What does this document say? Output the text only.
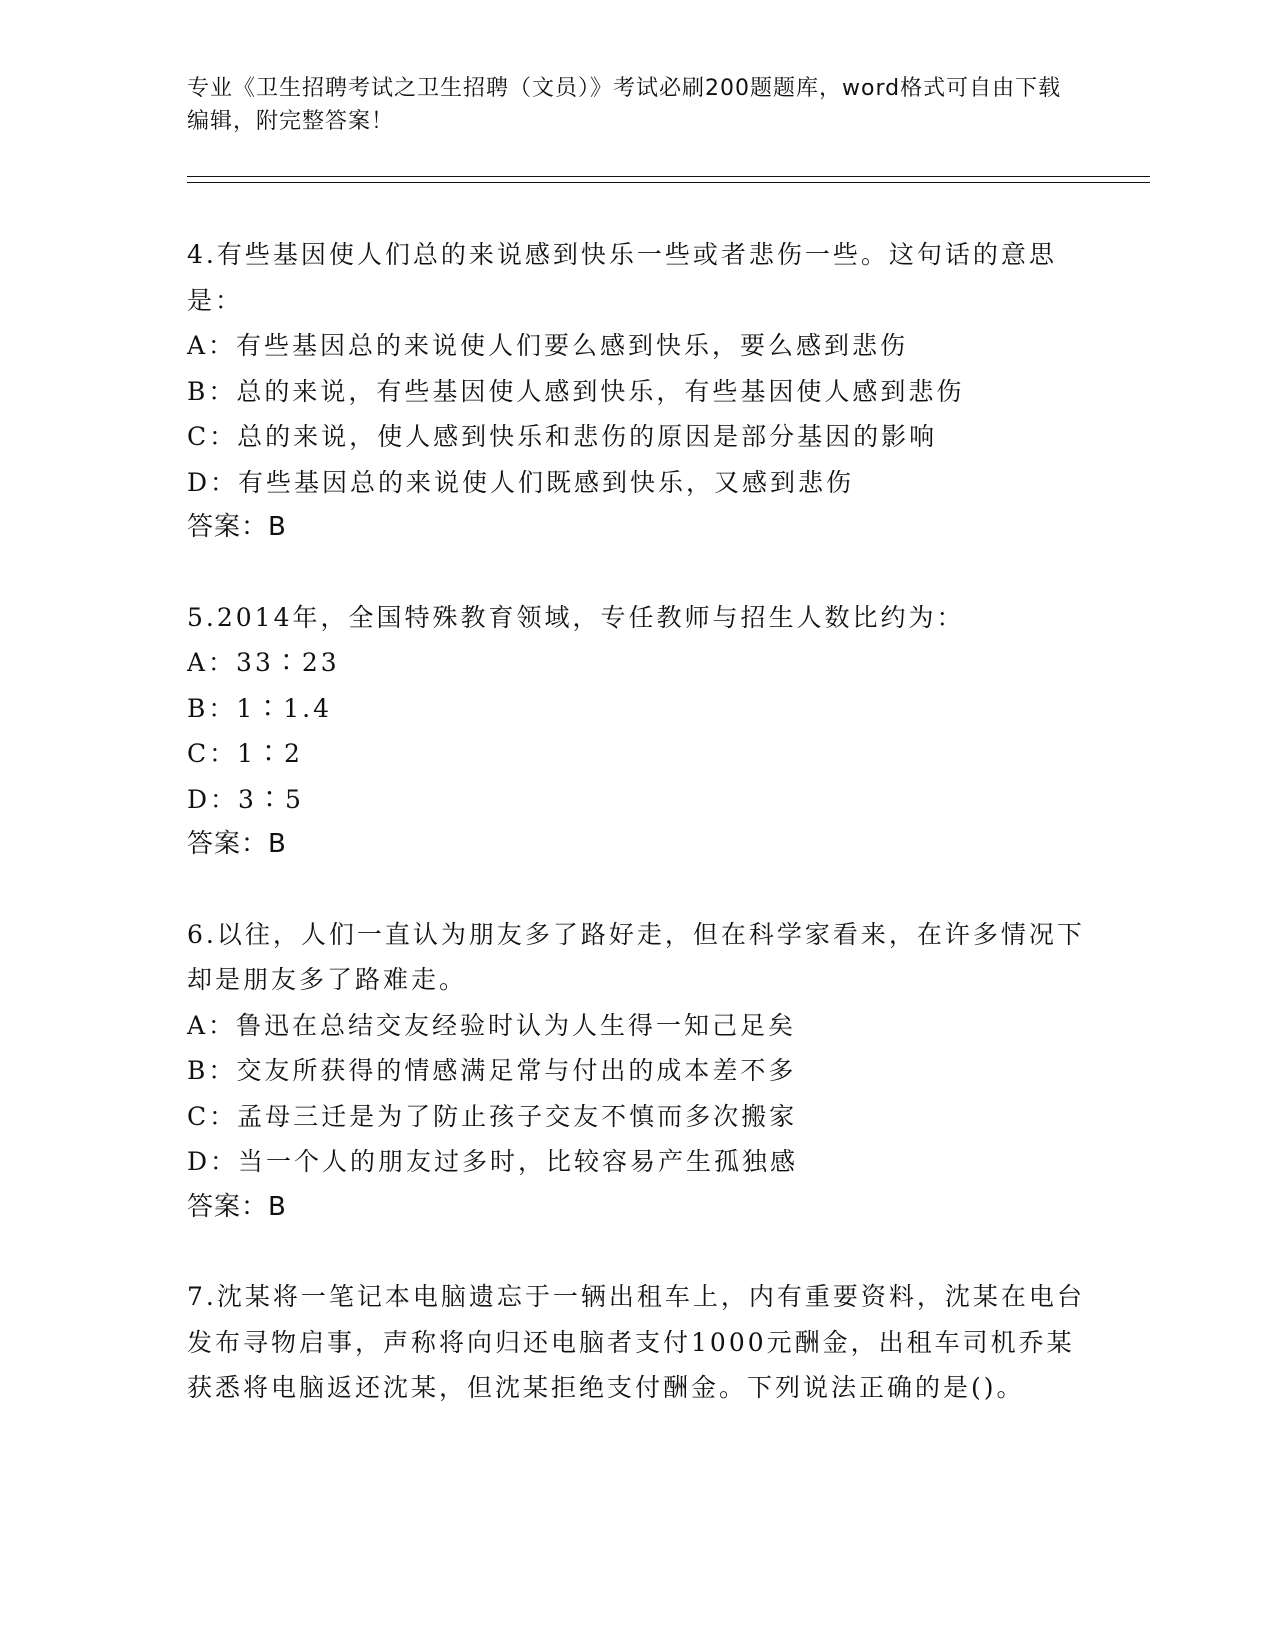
专业《卫生招聘考试之卫生招聘（文员）》考试必刷200题题库，word格式可自由下载编辑，附完整答案！
4.有些基因使人们总的来说感到快乐一些或者悲伤一些。这句话的意思是：
A：有些基因总的来说使人们要么感到快乐，要么感到悲伤
B：总的来说，有些基因使人感到快乐，有些基因使人感到悲伤
C：总的来说，使人感到快乐和悲伤的原因是部分基因的影响
D：有些基因总的来说使人们既感到快乐，又感到悲伤
答案：B
5.2014年，全国特殊教育领域，专任教师与招生人数比约为：
A：33∶23
B：1∶1.4
C：1∶2
D：3∶5
答案：B
6.以往，人们一直认为朋友多了路好走，但在科学家看来，在许多情况下却是朋友多了路难走。
A：鲁迅在总结交友经验时认为人生得一知己足矣
B：交友所获得的情感满足常与付出的成本差不多
C：孟母三迁是为了防止孩子交友不慎而多次搬家
D：当一个人的朋友过多时，比较容易产生孤独感
答案：B
7.沈某将一笔记本电脑遗忘于一辆出租车上，内有重要资料，沈某在电台发布寻物启事，声称将向归还电脑者支付1000元酬金，出租车司机乔某获悉将电脑返还沈某，但沈某拒绝支付酬金。下列说法正确的是()。
